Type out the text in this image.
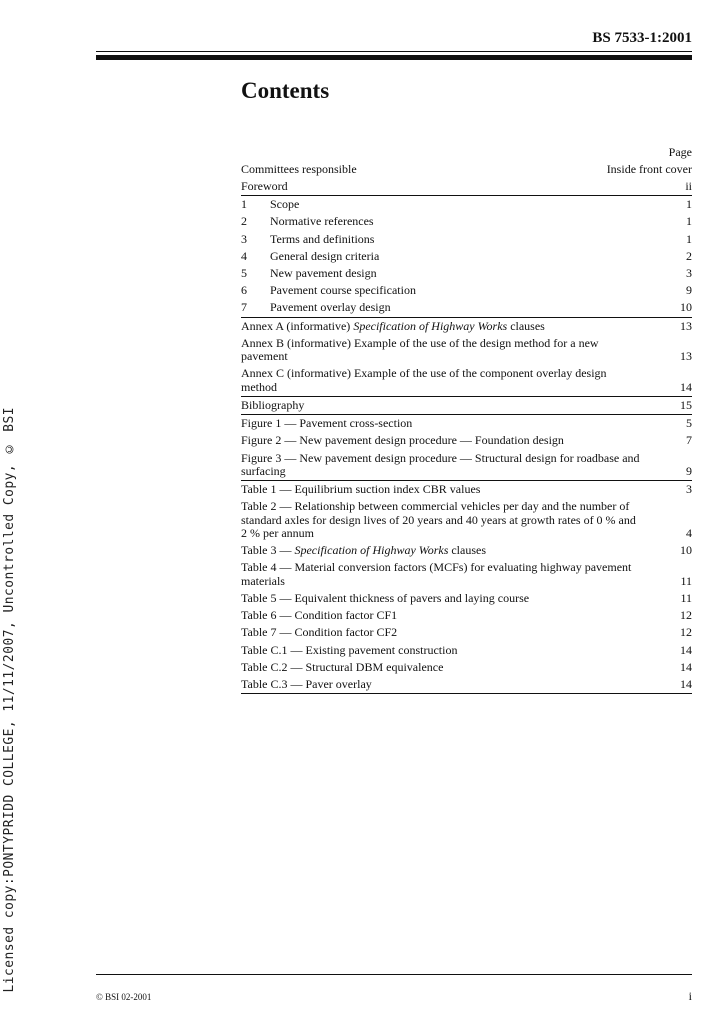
BS 7533-1:2001
Contents
Page
Committees responsible	Inside front cover
Foreword	ii
1	Scope	1
2	Normative references	1
3	Terms and definitions	1
4	General design criteria	2
5	New pavement design	3
6	Pavement course specification	9
7	Pavement overlay design	10
Annex A (informative) Specification of Highway Works clauses	13
Annex B (informative) Example of the use of the design method for a new pavement	13
Annex C (informative) Example of the use of the component overlay design method	14
Bibliography	15
Figure 1 — Pavement cross-section	5
Figure 2 — New pavement design procedure — Foundation design	7
Figure 3 — New pavement design procedure — Structural design for roadbase and surfacing	9
Table 1 — Equilibrium suction index CBR values	3
Table 2 — Relationship between commercial vehicles per day and the number of standard axles for design lives of 20 years and 40 years at growth rates of 0 % and 2 % per annum	4
Table 3 — Specification of Highway Works clauses	10
Table 4 — Material conversion factors (MCFs) for evaluating highway pavement materials	11
Table 5 — Equivalent thickness of pavers and laying course	11
Table 6 — Condition factor CF1	12
Table 7 — Condition factor CF2	12
Table C.1 — Existing pavement construction	14
Table C.2 — Structural DBM equivalence	14
Table C.3 — Paver overlay	14
Licensed copy:PONTYPRIDD COLLEGE, 11/11/2007, Uncontrolled Copy, © BSI
© BSI 02-2001	i
